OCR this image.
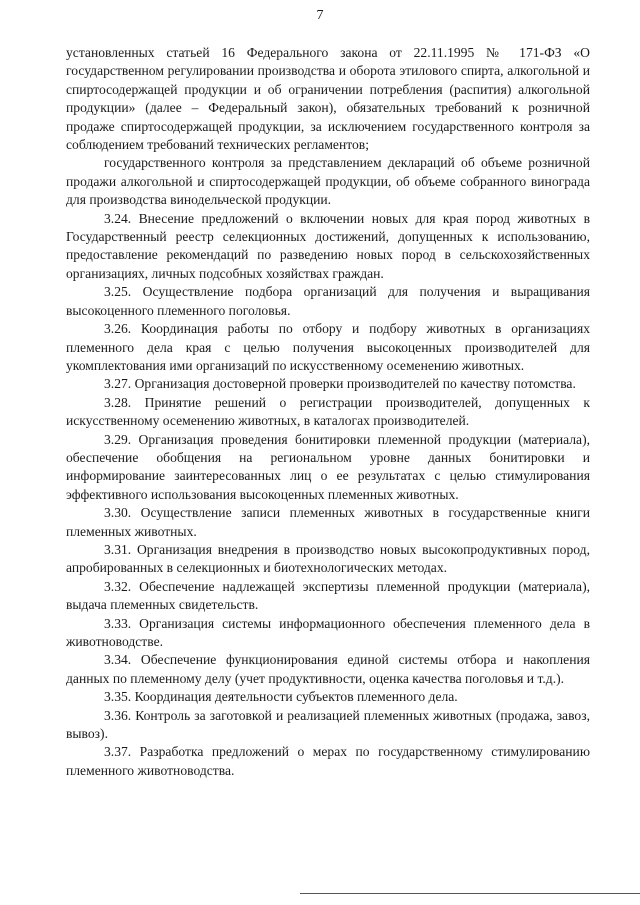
7

установленных статьей 16 Федерального закона от 22.11.1995 № 171-ФЗ «О государственном регулировании производства и оборота этилового спирта, алкогольной и спиртосодержащей продукции и об ограничении потребления (распития) алкогольной продукции» (далее – Федеральный закон), обязательных требований к розничной продаже спиртосодержащей продукции, за исключением государственного контроля за соблюдением требований технических регламентов;

государственного контроля за представлением деклараций об объеме розничной продажи алкогольной и спиртосодержащей продукции, об объеме собранного винограда для производства винодельческой продукции.

3.24. Внесение предложений о включении новых для края пород животных в Государственный реестр селекционных достижений, допущенных к использованию, предоставление рекомендаций по разведению новых пород в сельскохозяйственных организациях, личных подсобных хозяйствах граждан.

3.25. Осуществление подбора организаций для получения и выращивания высокоценного племенного поголовья.

3.26. Координация работы по отбору и подбору животных в организациях племенного дела края с целью получения высокоценных производителей для укомплектования ими организаций по искусственному осеменению животных.

3.27. Организация достоверной проверки производителей по качеству потомства.

3.28. Принятие решений о регистрации производителей, допущенных к искусственному осеменению животных, в каталогах производителей.

3.29. Организация проведения бонитировки племенной продукции (материала), обеспечение обобщения на региональном уровне данных бонитировки и информирование заинтересованных лиц о ее результатах с целью стимулирования эффективного использования высокоценных племенных животных.

3.30. Осуществление записи племенных животных в государственные книги племенных животных.

3.31. Организация внедрения в производство новых высокопродуктивных пород, апробированных в селекционных и биотехнологических методах.

3.32. Обеспечение надлежащей экспертизы племенной продукции (материала), выдача племенных свидетельств.

3.33. Организация системы информационного обеспечения племенного дела в животноводстве.

3.34. Обеспечение функционирования единой системы отбора и накопления данных по племенному делу (учет продуктивности, оценка качества поголовья и т.д.).

3.35. Координация деятельности субъектов племенного дела.

3.36. Контроль за заготовкой и реализацией племенных животных (продажа, завоз, вывоз).

3.37. Разработка предложений о мерах по государственному стимулированию племенного животноводства.
